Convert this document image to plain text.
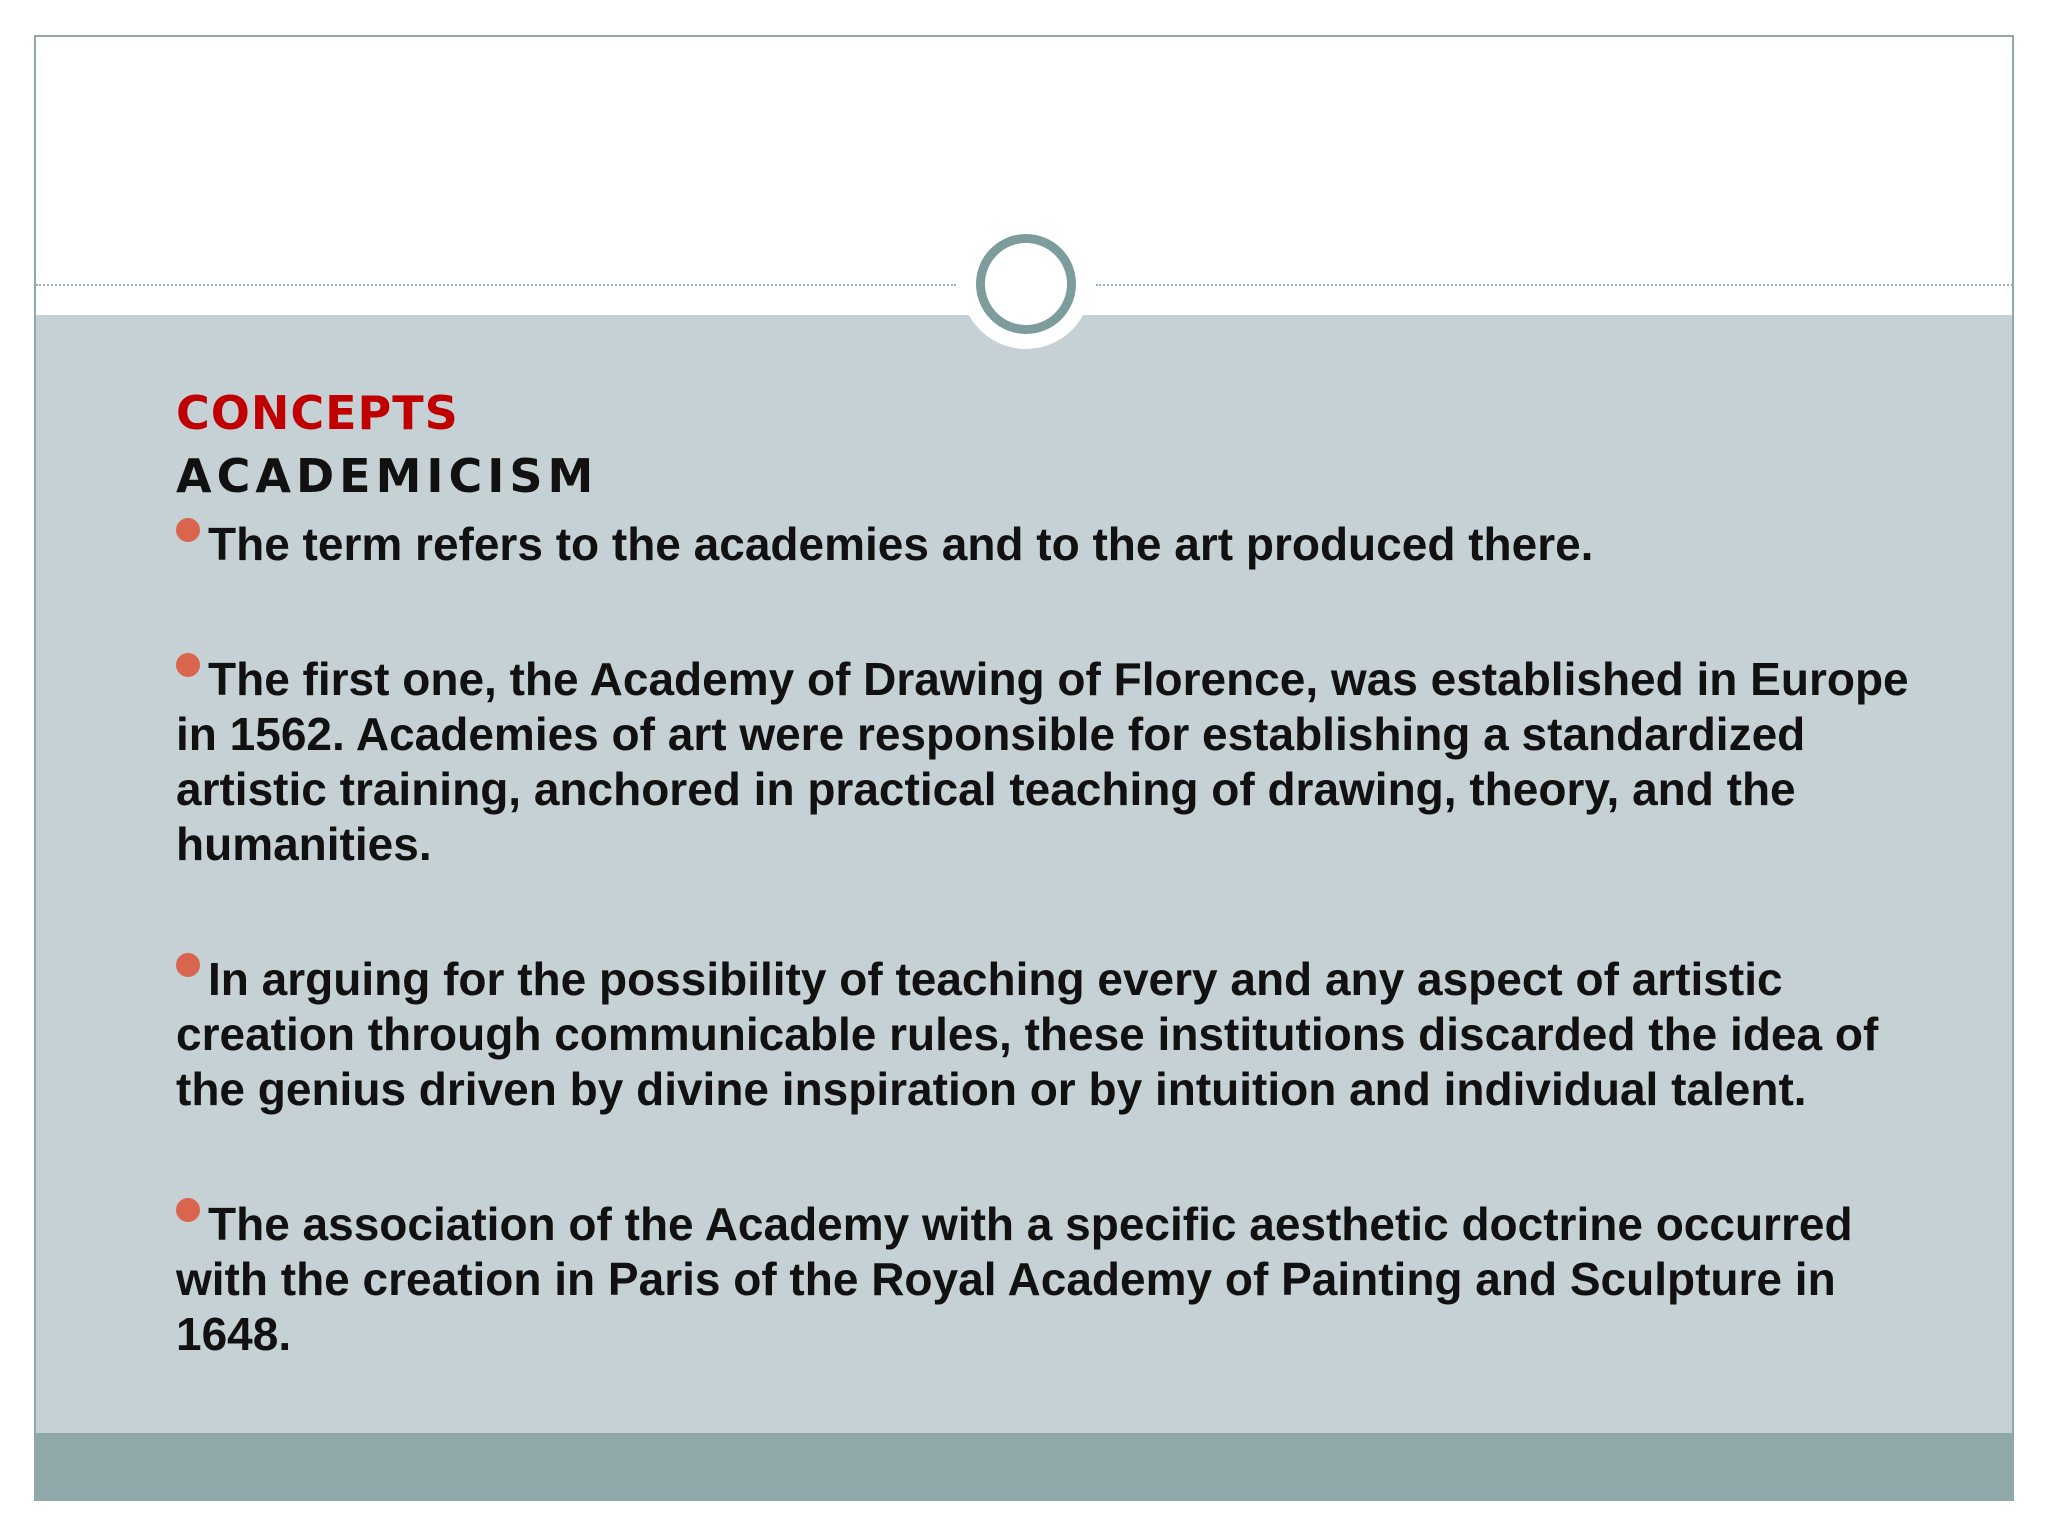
CONCEPTS

ACADEMICISM

The term refers to the academies and to the art produced there.
The first one, the Academy of Drawing of Florence, was established in Europe in 1562. Academies of art were responsible for establishing a standardized artistic training, anchored in practical teaching of drawing, theory, and the humanities.
In arguing for the possibility of teaching every and any aspect of artistic creation through communicable rules, these institutions discarded the idea of the genius driven by divine inspiration or by intuition and individual talent.
The association of the Academy with a specific aesthetic doctrine occurred with the creation in Paris of the Royal Academy of Painting and Sculpture in 1648.
